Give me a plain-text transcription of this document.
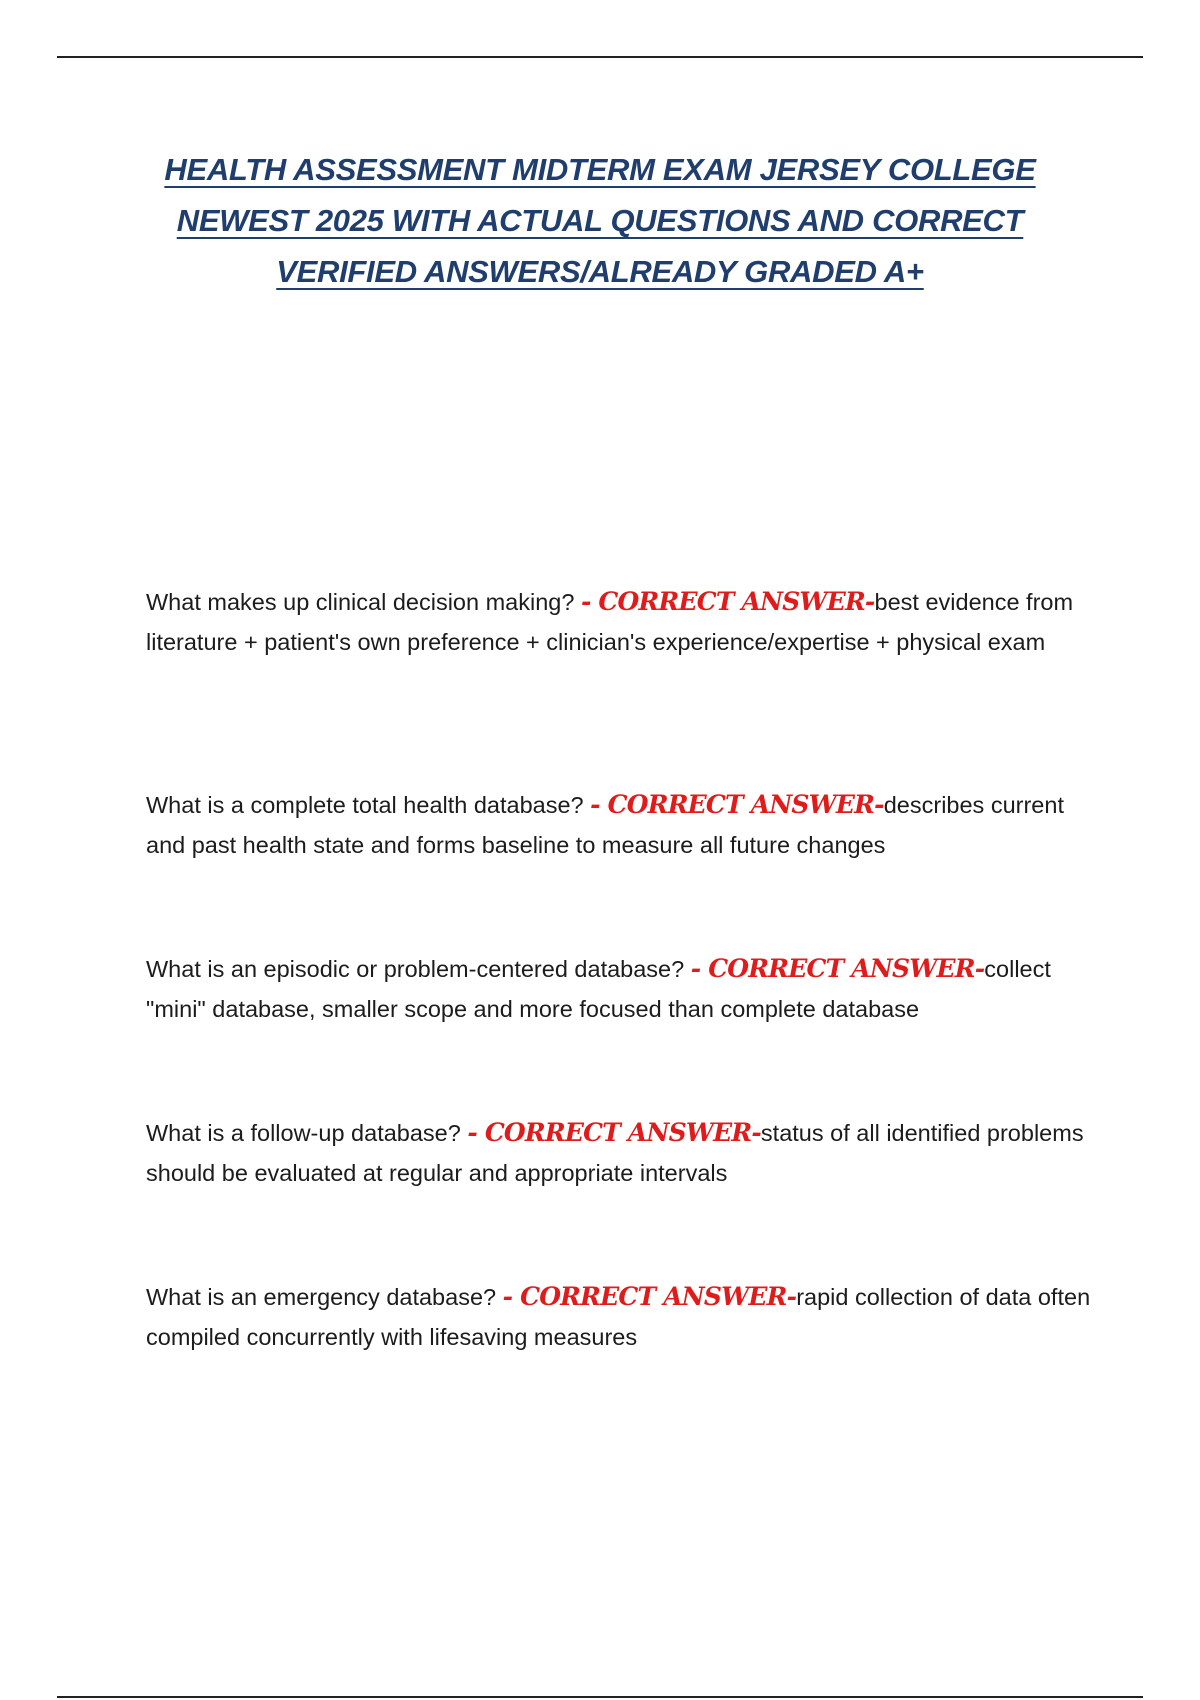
HEALTH ASSESSMENT MIDTERM EXAM JERSEY COLLEGE NEWEST 2025 WITH ACTUAL QUESTIONS AND CORRECT VERIFIED ANSWERS/ALREADY GRADED A+
What makes up clinical decision making? - CORRECT ANSWER-best evidence from literature + patient's own preference + clinician's experience/expertise + physical exam
What is a complete total health database? - CORRECT ANSWER-describes current and past health state and forms baseline to measure all future changes
What is an episodic or problem-centered database? - CORRECT ANSWER-collect "mini" database, smaller scope and more focused than complete database
What is a follow-up database? - CORRECT ANSWER-status of all identified problems should be evaluated at regular and appropriate intervals
What is an emergency database? - CORRECT ANSWER-rapid collection of data often compiled concurrently with lifesaving measures
